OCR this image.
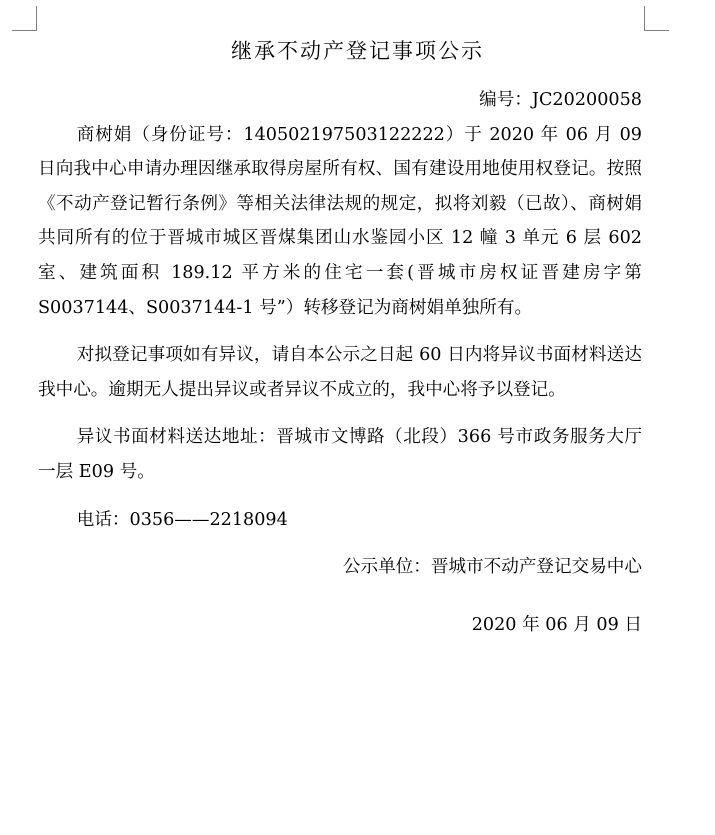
继承不动产登记事项公示

编号：JC20200058

商树娟（身份证号：140502197503122222）于 2020 年 06 月 09 日向我中心申请办理因继承取得房屋所有权、国有建设用地使用权登记。按照《不动产登记暂行条例》等相关法律法规的规定，拟将刘毅（已故）、商树娟共同所有的位于晋城市城区晋煤集团山水鉴园小区 12 幢 3 单元 6 层 602 室、建筑面积 189.12 平方米的住宅一套(晋城市房权证晋建房字第 S0037144、S0037144-1 号”）转移登记为商树娟单独所有。

对拟登记事项如有异议，请自本公示之日起 60 日内将异议书面材料送达我中心。逾期无人提出异议或者异议不成立的，我中心将予以登记。

异议书面材料送达地址：晋城市文博路（北段）366 号市政务服务大厅一层 E09 号。

电话：0356——2218094

公示单位：晋城市不动产登记交易中心

2020 年 06 月 09 日
